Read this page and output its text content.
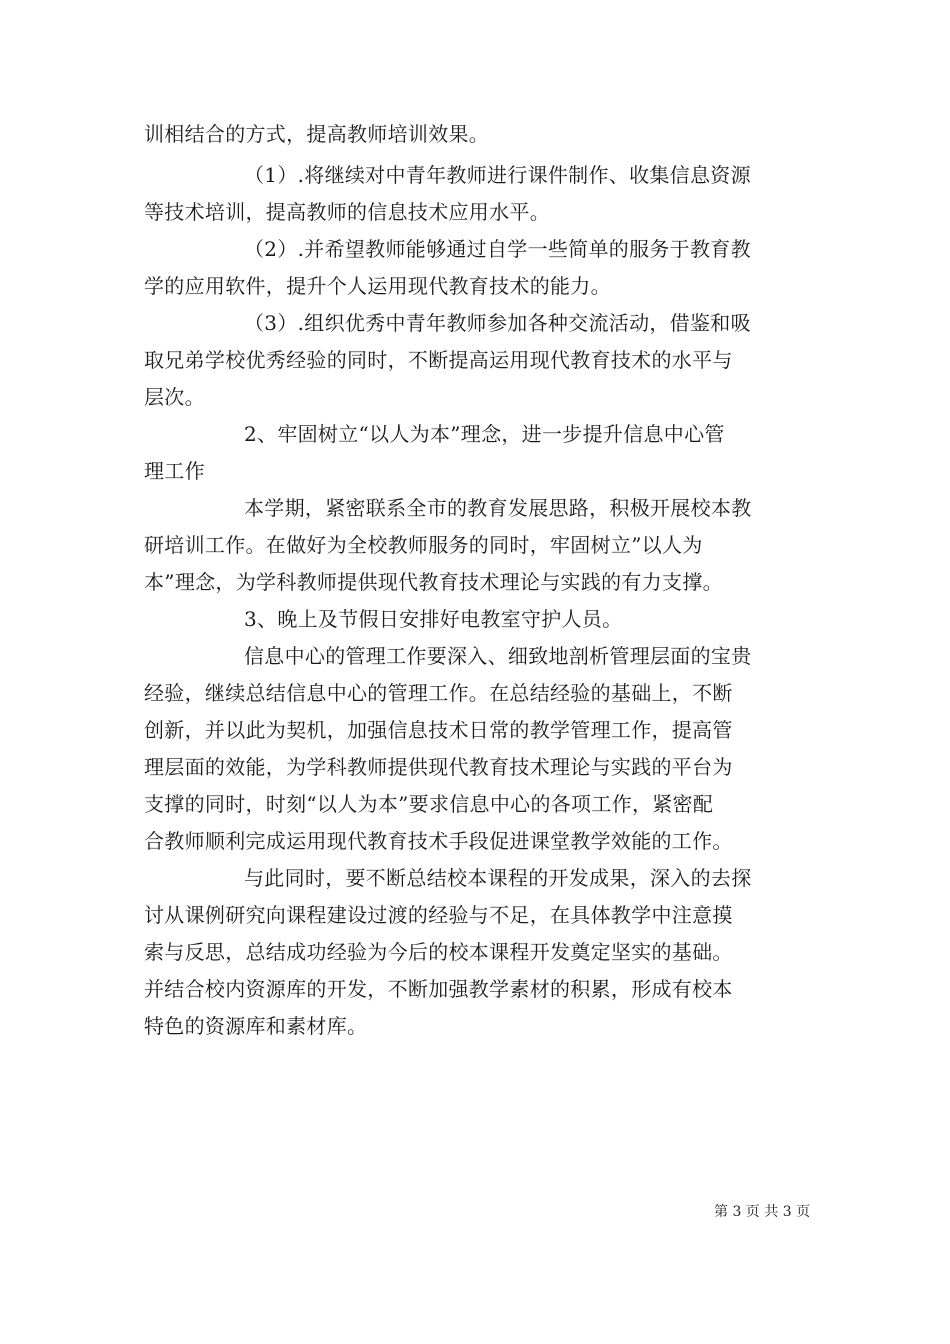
训相结合的方式，提高教师培训效果。
（1）.将继续对中青年教师进行课件制作、收集信息资源
等技术培训，提高教师的信息技术应用水平。
（2）.并希望教师能够通过自学一些简单的服务于教育教
学的应用软件，提升个人运用现代教育技术的能力。
（3）.组织优秀中青年教师参加各种交流活动，借鉴和吸
取兄弟学校优秀经验的同时，不断提高运用现代教育技术的水平与
层次。
2、牢固树立“以人为本”理念，进一步提升信息中心管
理工作
本学期，紧密联系全市的教育发展思路，积极开展校本教
研培训工作。在做好为全校教师服务的同时，牢固树立”以人为
本”理念，为学科教师提供现代教育技术理论与实践的有力支撑。
3、晚上及节假日安排好电教室守护人员。
信息中心的管理工作要深入、细致地剖析管理层面的宝贵
经验，继续总结信息中心的管理工作。在总结经验的基础上，不断
创新，并以此为契机，加强信息技术日常的教学管理工作，提高管
理层面的效能，为学科教师提供现代教育技术理论与实践的平台为
支撑的同时，时刻“以人为本”要求信息中心的各项工作，紧密配
合教师顺利完成运用现代教育技术手段促进课堂教学效能的工作。
与此同时，要不断总结校本课程的开发成果，深入的去探
讨从课例研究向课程建设过渡的经验与不足，在具体教学中注意摸
索与反思，总结成功经验为今后的校本课程开发奠定坚实的基础。
并结合校内资源库的开发，不断加强教学素材的积累，形成有校本
特色的资源库和素材库。
第 3 页 共 3 页
